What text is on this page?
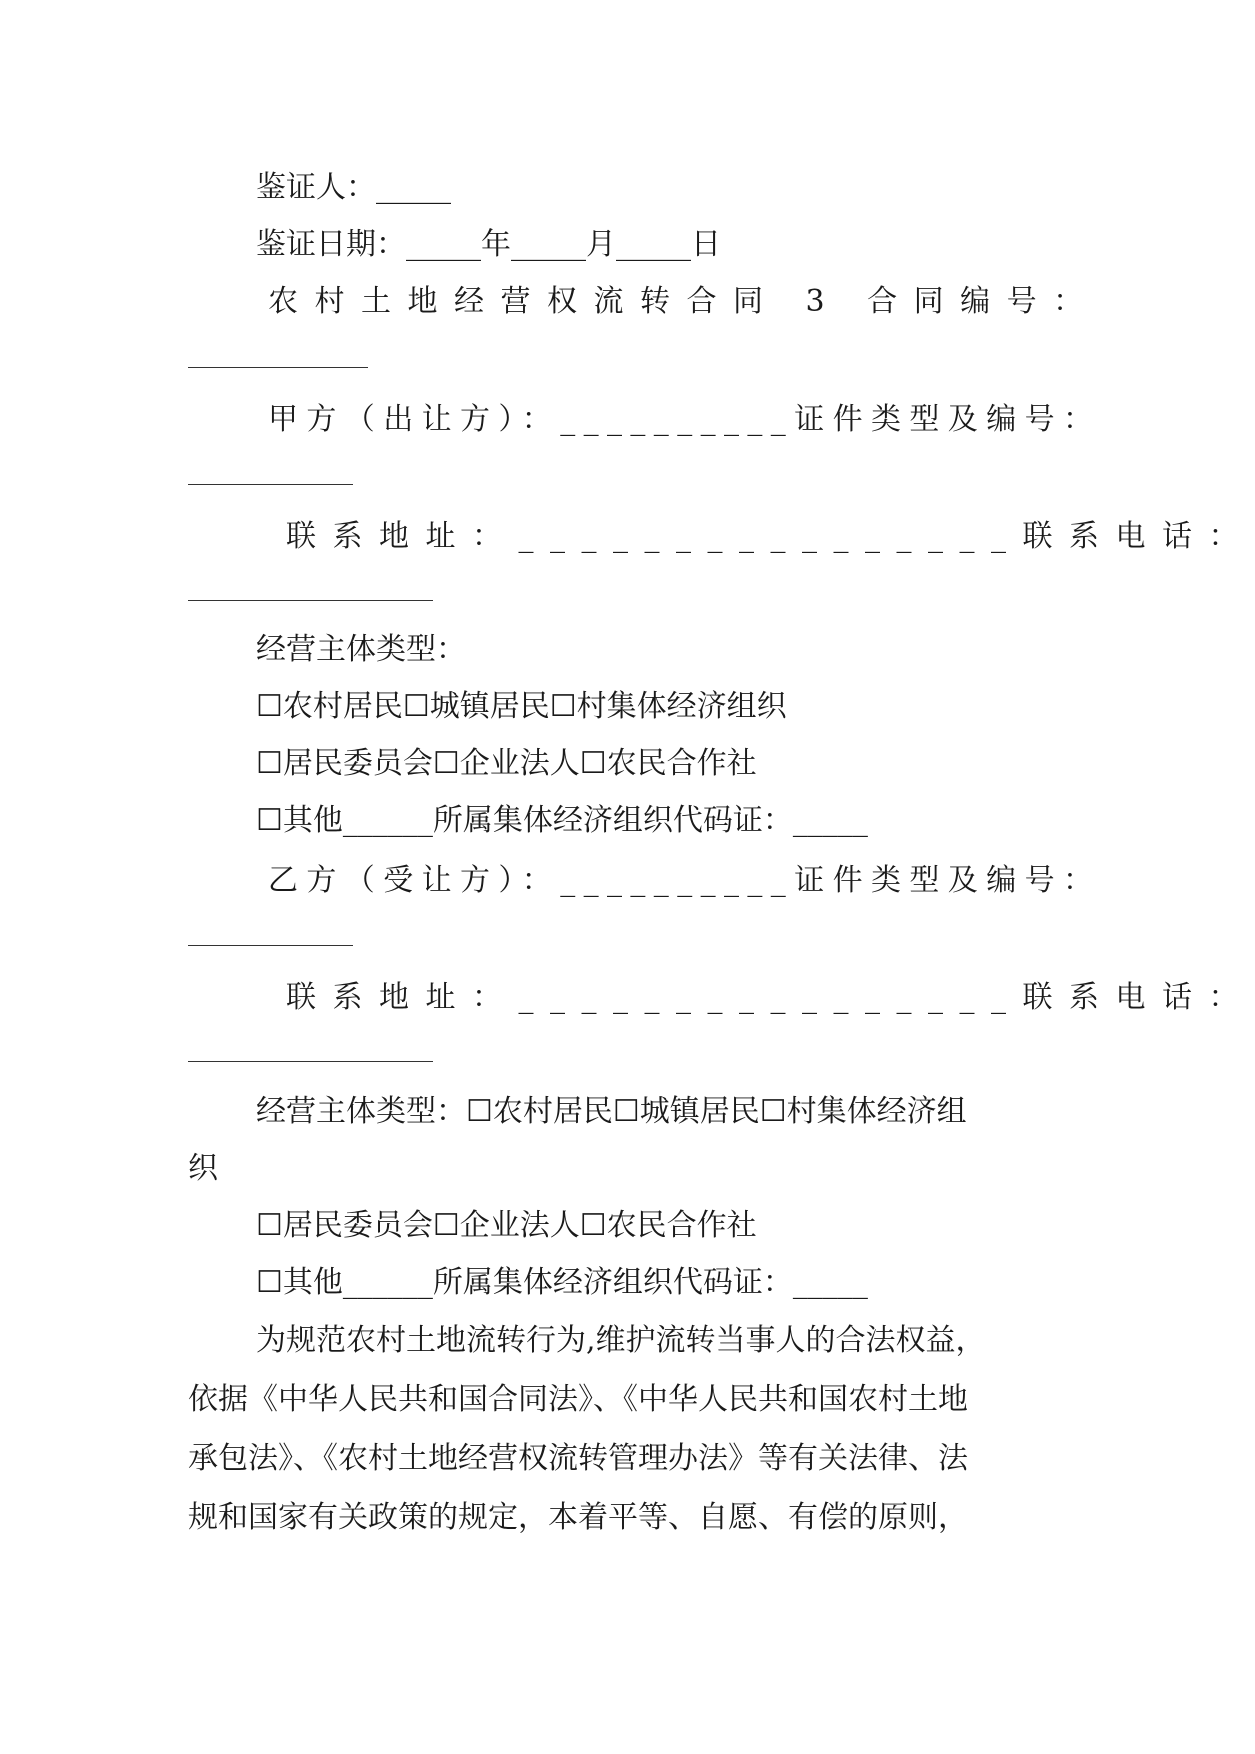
鉴证人：_____
鉴证日期：_____年_____月_____日
农村土地经营权流转合同 3 合同编号：
甲方（出让方）：__________证件类型及编号：
联系地址：________________联系电话：
经营主体类型：
☐农村居民☐城镇居民☐村集体经济组织
☐居民委员会☐企业法人☐农民合作社
☐其他______所属集体经济组织代码证：_____
乙方（受让方）：__________证件类型及编号：
联系地址：________________联系电话：
经营主体类型：☐农村居民☐城镇居民☐村集体经济组
织
☐居民委员会☐企业法人☐农民合作社
☐其他______所属集体经济组织代码证：_____
为规范农村土地流转行为,维护流转当事人的合法权益，
依据《中华人民共和国合同法》、《中华人民共和国农村土地
承包法》、《农村土地经营权流转管理办法》等有关法律、法
规和国家有关政策的规定，本着平等、自愿、有偿的原则，
